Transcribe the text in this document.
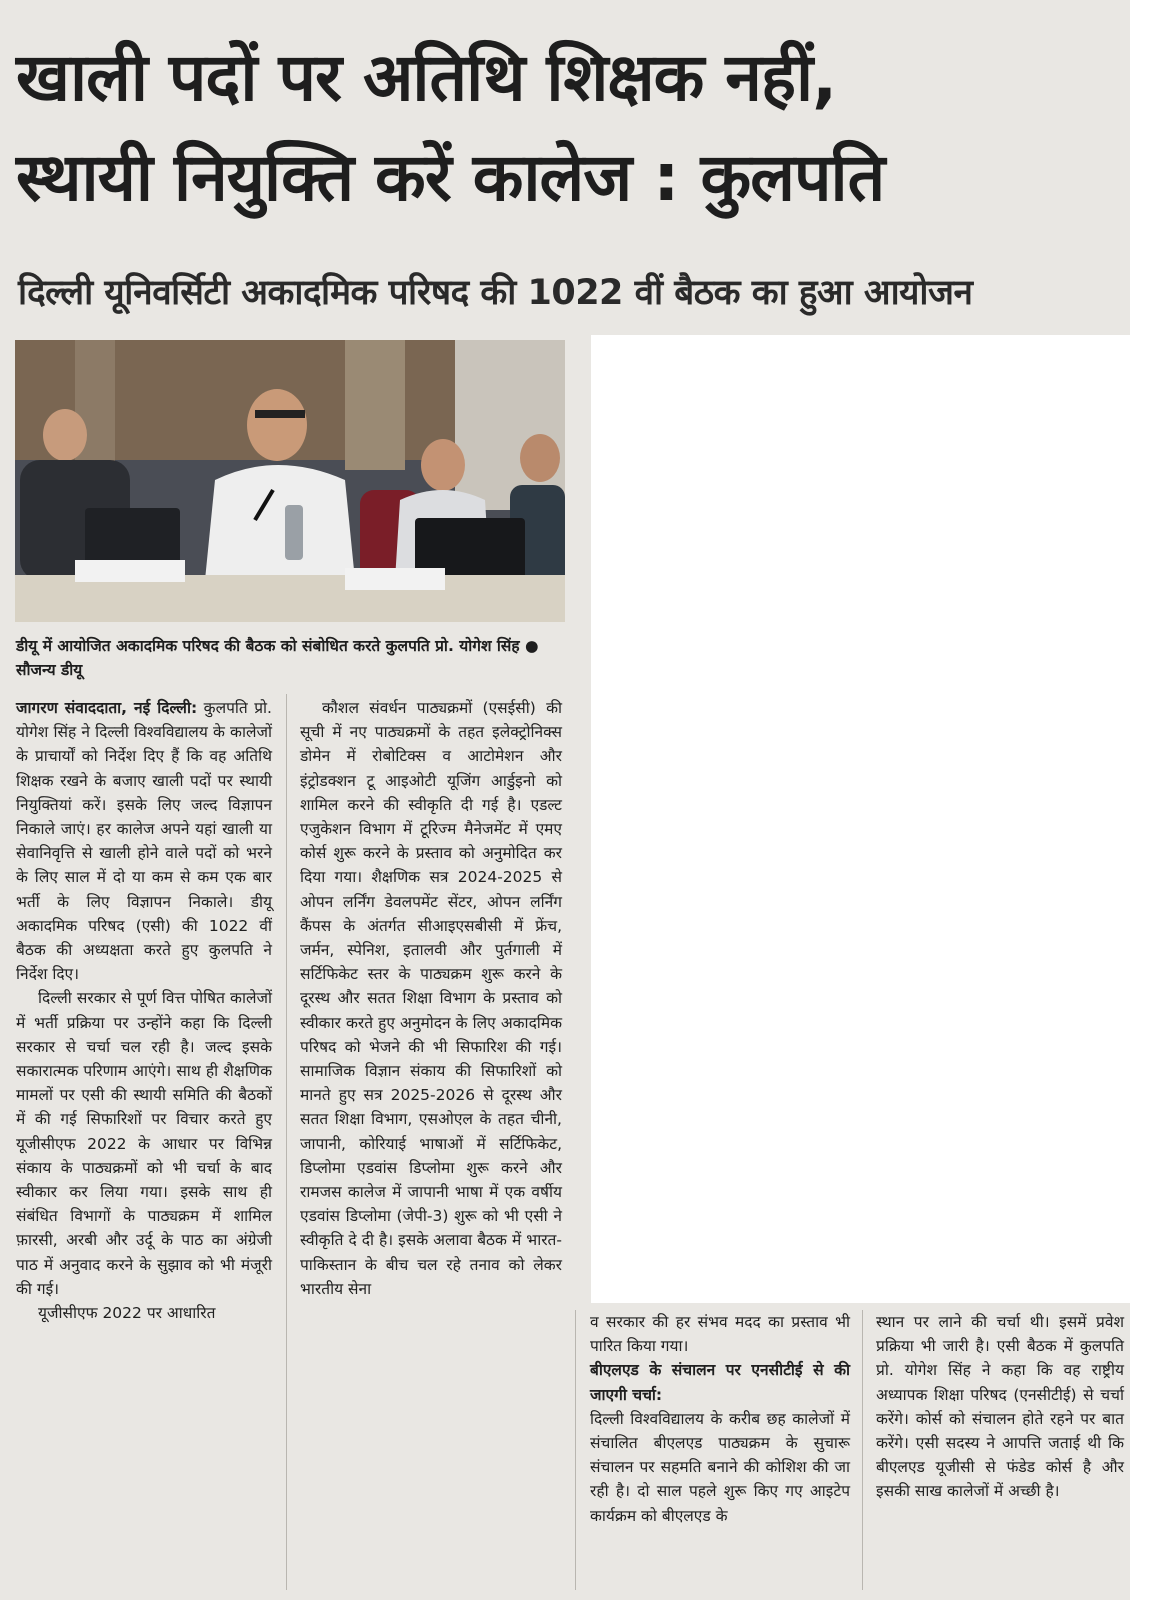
खाली पदों पर अतिथि शिक्षक नहीं,
स्थायी नियुक्ति करें कालेज : कुलपति
दिल्ली यूनिवर्सिटी अकादमिक परिषद की 1022 वीं बैठक का हुआ आयोजन
डीयू में आयोजित अकादमिक परिषद की बैठक को संबोधित करते कुलपति प्रो. योगेश सिंह ● सौजन्य डीयू

जागरण संवाददाता, नई दिल्ली: कुलपति प्रो. योगेश सिंह ने दिल्ली विश्वविद्यालय के कालेजों के प्राचार्यों को निर्देश दिए हैं कि वह अतिथि शिक्षक रखने के बजाए खाली पदों पर स्थायी नियुक्तियां करें। इसके लिए जल्द विज्ञापन निकाले जाएं। हर कालेज अपने यहां खाली या सेवानिवृत्ति से खाली होने वाले पदों को भरने के लिए साल में दो या कम से कम एक बार भर्ती के लिए विज्ञापन निकाले। डीयू अकादमिक परिषद (एसी) की 1022 वीं बैठक की अध्यक्षता करते हुए कुलपति ने निर्देश दिए।

दिल्ली सरकार से पूर्ण वित्त पोषित कालेजों में भर्ती प्रक्रिया पर उन्होंने कहा कि दिल्ली सरकार से चर्चा चल रही है। जल्द इसके सकारात्मक परिणाम आएंगे। साथ ही शैक्षणिक मामलों पर एसी की स्थायी समिति की बैठकों में की गई सिफारिशों पर विचार करते हुए यूजीसीएफ 2022 के आधार पर विभिन्न संकाय के पाठ्यक्रमों को भी चर्चा के बाद स्वीकार कर लिया गया। इसके साथ ही संबंधित विभागों के पाठ्यक्रम में शामिल फ़ारसी, अरबी और उर्दू के पाठ का अंग्रेजी पाठ में अनुवाद करने के सुझाव को भी मंजूरी की गई।

यूजीसीएफ 2022 पर आधारित

कौशल संवर्धन पाठ्यक्रमों (एसईसी) की सूची में नए पाठ्यक्रमों के तहत इलेक्ट्रोनिक्स डोमेन में रोबोटिक्स व आटोमेशन और इंट्रोडक्शन टू आइओटी यूजिंग आर्डुइनो को शामिल करने की स्वीकृति दी गई है। एडल्ट एजुकेशन विभाग में टूरिज्म मैनेजमेंट में एमए कोर्स शुरू करने के प्रस्ताव को अनुमोदित कर दिया गया। शैक्षणिक सत्र 2024-2025 से ओपन लर्निंग डेवलपमेंट सेंटर, ओपन लर्निंग कैंपस के अंतर्गत सीआइएसबीसी में फ्रेंच, जर्मन, स्पेनिश, इतालवी और पुर्तगाली में सर्टिफिकेट स्तर के पाठ्यक्रम शुरू करने के दूरस्थ और सतत शिक्षा विभाग के प्रस्ताव को स्वीकार करते हुए अनुमोदन के लिए अकादमिक परिषद को भेजने की भी सिफारिश की गई। सामाजिक विज्ञान संकाय की सिफारिशों को मानते हुए सत्र 2025-2026 से दूरस्थ और सतत शिक्षा विभाग, एसओएल के तहत चीनी, जापानी, कोरियाई भाषाओं में सर्टिफिकेट, डिप्लोमा एडवांस डिप्लोमा शुरू करने और रामजस कालेज में जापानी भाषा में एक वर्षीय एडवांस डिप्लोमा (जेपी-3) शुरू को भी एसी ने स्वीकृति दे दी है। इसके अलावा बैठक में भारत-पाकिस्तान के बीच चल रहे तनाव को लेकर भारतीय सेना

व सरकार की हर संभव मदद का प्रस्ताव भी पारित किया गया।

बीएलएड के संचालन पर एनसीटीई से की जाएगी चर्चा:

दिल्ली विश्वविद्यालय के करीब छह कालेजों में संचालित बीएलएड पाठ्यक्रम के सुचारू संचालन पर सहमति बनाने की कोशिश की जा रही है। दो साल पहले शुरू किए गए आइटेप कार्यक्रम को बीएलएड के

स्थान पर लाने की चर्चा थी। इसमें प्रवेश प्रक्रिया भी जारी है। एसी बैठक में कुलपति प्रो. योगेश सिंह ने कहा कि वह राष्ट्रीय अध्यापक शिक्षा परिषद (एनसीटीई) से चर्चा करेंगे। कोर्स को संचालन होते रहने पर बात करेंगे। एसी सदस्य ने आपत्ति जताई थी कि बीएलएड यूजीसी से फंडेड कोर्स है और इसकी साख कालेजों में अच्छी है।
